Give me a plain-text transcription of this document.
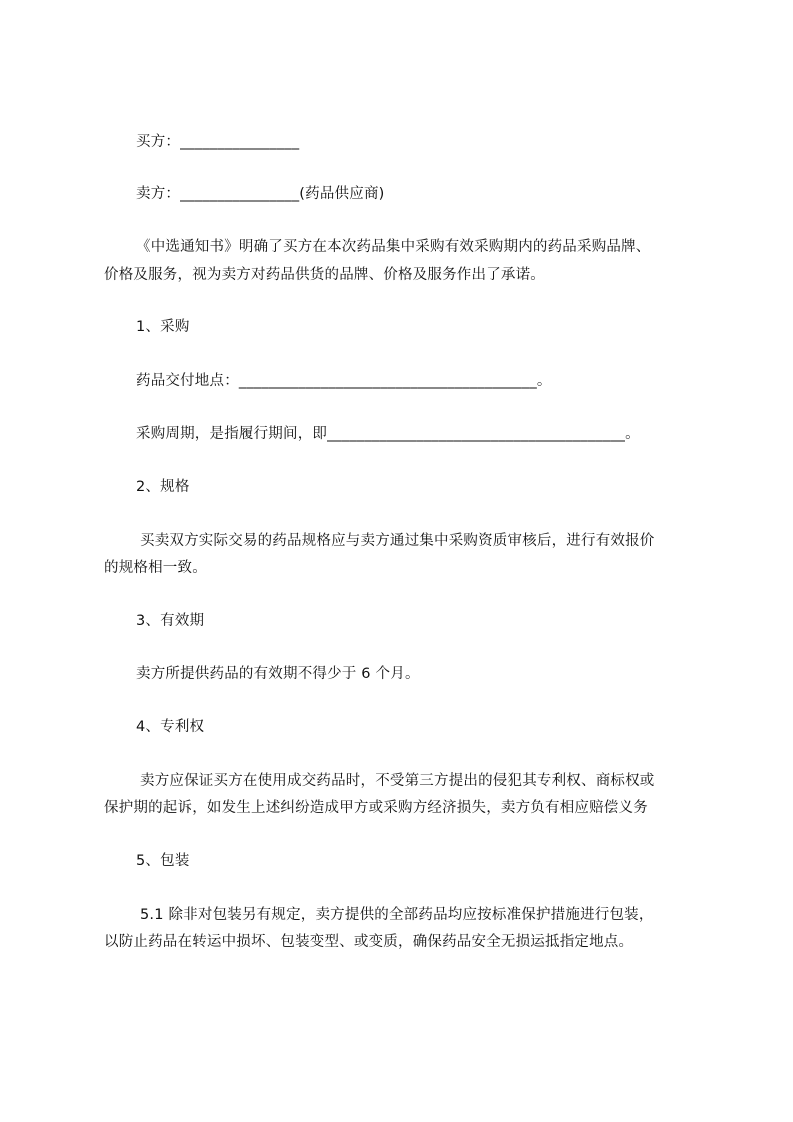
买方：________________
卖方：________________(药品供应商)
《中选通知书》明确了买方在本次药品集中采购有效采购期内的药品采购品牌、
价格及服务，视为卖方对药品供货的品牌、价格及服务作出了承诺。
1、采购
药品交付地点：________________________________________。
采购周期，是指履行期间，即________________________________________。
2、规格
买卖双方实际交易的药品规格应与卖方通过集中采购资质审核后，进行有效报价
的规格相一致。
3、有效期
卖方所提供药品的有效期不得少于 6 个月。
4、专利权
卖方应保证买方在使用成交药品时，不受第三方提出的侵犯其专利权、商标权或
保护期的起诉，如发生上述纠纷造成甲方或采购方经济损失，卖方负有相应赔偿义务
5、包装
5.1 除非对包装另有规定，卖方提供的全部药品均应按标准保护措施进行包装，
以防止药品在转运中损坏、包装变型、或变质，确保药品安全无损运抵指定地点。
